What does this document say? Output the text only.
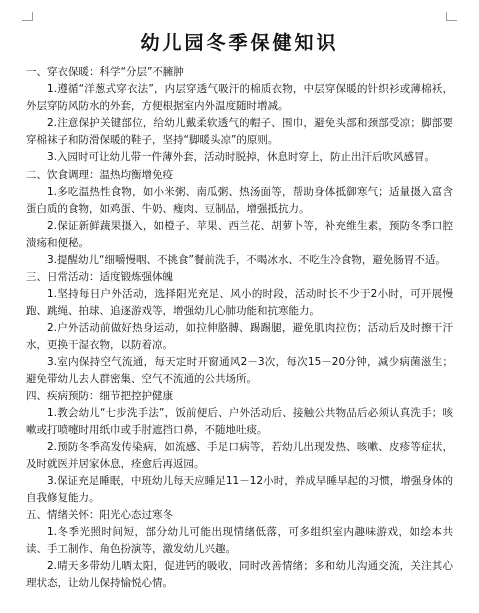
幼儿园冬季保健知识

一、穿衣保暖：科学“分层”不臃肿

1.遵循“洋葱式穿衣法”，内层穿透气吸汗的棉质衣物，中层穿保暖的针织衫或薄棉袄，外层穿防风防水的外套，方便根据室内外温度随时增减。

2.注意保护关键部位，给幼儿戴柔软透气的帽子、围巾，避免头部和颈部受凉；脚部要穿棉袜子和防滑保暖的鞋子，坚持“脚暖头凉”的原则。

3.入园时可让幼儿带一件薄外套，活动时脱掉，休息时穿上，防止出汗后吹风感冒。

二、饮食调理：温热均衡增免疫

1.多吃温热性食物，如小米粥、南瓜粥、热汤面等，帮助身体抵御寒气；适量摄入富含蛋白质的食物，如鸡蛋、牛奶、瘦肉、豆制品，增强抵抗力。

2.保证新鲜蔬果摄入，如橙子、苹果、西兰花、胡萝卜等，补充维生素，预防冬季口腔溃疡和便秘。

3.提醒幼儿“细嚼慢咽、不挑食”餐前洗手，不喝冰水、不吃生冷食物，避免肠胃不适。

三、日常活动：适度锻炼强体魄

1.坚持每日户外活动，选择阳光充足、风小的时段，活动时长不少于2小时，可开展慢跑、跳绳、拍球、追逐游戏等，增强幼儿心肺功能和抗寒能力。

2.户外活动前做好热身运动，如拉伸胳膊、踢踢腿，避免肌肉拉伤；活动后及时擦干汗水，更换干湿衣物，以防着凉。

3.室内保持空气流通，每天定时开窗通风2－3次，每次15－20分钟，减少病菌滋生；避免带幼儿去人群密集、空气不流通的公共场所。

四、疾病预防：细节把控护健康

1.教会幼儿“七步洗手法”，饭前便后、户外活动后、接触公共物品后必须认真洗手；咳嗽或打喷嚏时用纸巾或手肘遮挡口鼻，不随地吐痰。

2.预防冬季高发传染病，如流感、手足口病等，若幼儿出现发热、咳嗽、皮疹等症状，及时就医并居家休息，痊愈后再返园。

3.保证充足睡眠，中班幼儿每天应睡足11－12小时，养成早睡早起的习惯，增强身体的自我修复能力。

五、情绪关怀：阳光心态过寒冬

1.冬季光照时间短，部分幼儿可能出现情绪低落，可多组织室内趣味游戏，如绘本共读、手工制作、角色扮演等，激发幼儿兴趣。

2.晴天多带幼儿晒太阳，促进钙的吸收，同时改善情绪；多和幼儿沟通交流，关注其心理状态，让幼儿保持愉悦心情。
